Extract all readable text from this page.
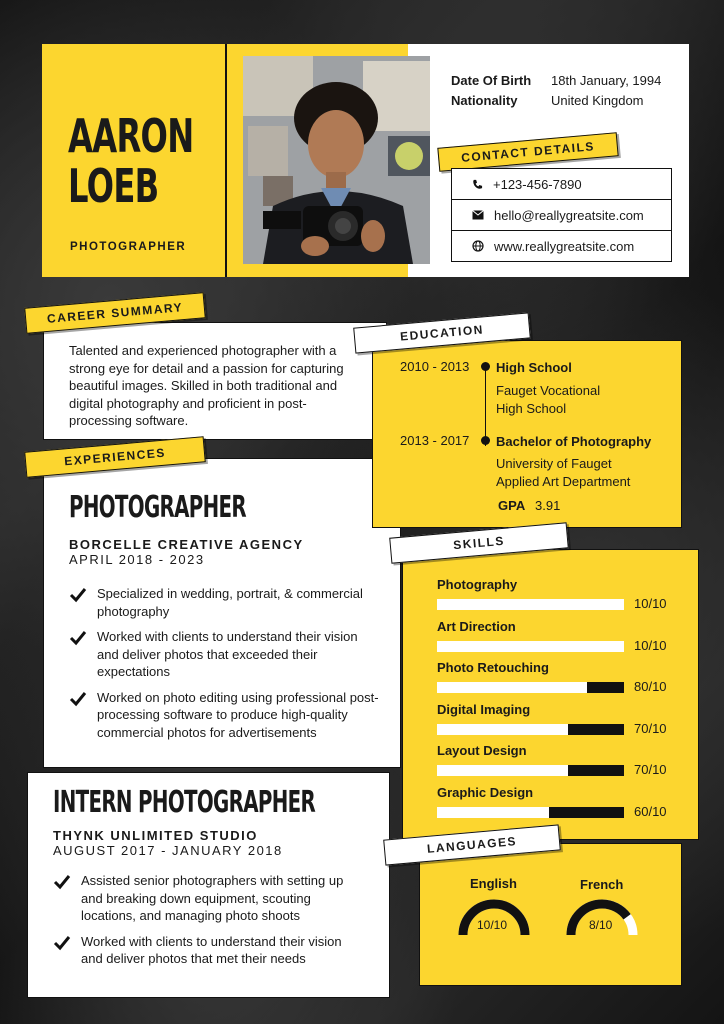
AARON
LOEB
PHOTOGRAPHER
Date Of Birth 18th January, 1994
Nationality	United Kingdom
CONTACT DETAILS
+123-456-7890
hello@reallygreatsite.com
www.reallygreatsite.com
CAREER SUMMARY
Talented and experienced photographer with a strong eye for detail and a passion for capturing beautiful images. Skilled in both traditional and digital photography and proficient in post-processing software.
EXPERIENCES
PHOTOGRAPHER
BORCELLE CREATIVE AGENCY
APRIL 2018 - 2023
Specialized in wedding, portrait, & commercial photography
Worked with clients to understand their vision and deliver photos that exceeded their expectations
Worked on photo editing using professional post-processing software to produce high-quality commercial photos for advertisements
INTERN PHOTOGRAPHER
THYNK UNLIMITED STUDIO
AUGUST 2017 - JANUARY 2018
Assisted senior photographers with setting up and breaking down equipment, scouting locations, and managing photo shoots
Worked with clients to understand their vision and deliver photos that met their needs
EDUCATION
2010 - 2013 High School
Fauget Vocational
High School
2013 - 2017 Bachelor of Photography
University of Fauget
Applied Art Department
GPA 3.91
SKILLS
Photography
10/10
Art Direction
10/10
Photo Retouching
80/10
Digital Imaging
70/10
Layout Design
70/10
Graphic Design
60/10
LANGUAGES
English
10/10
French
8/10
